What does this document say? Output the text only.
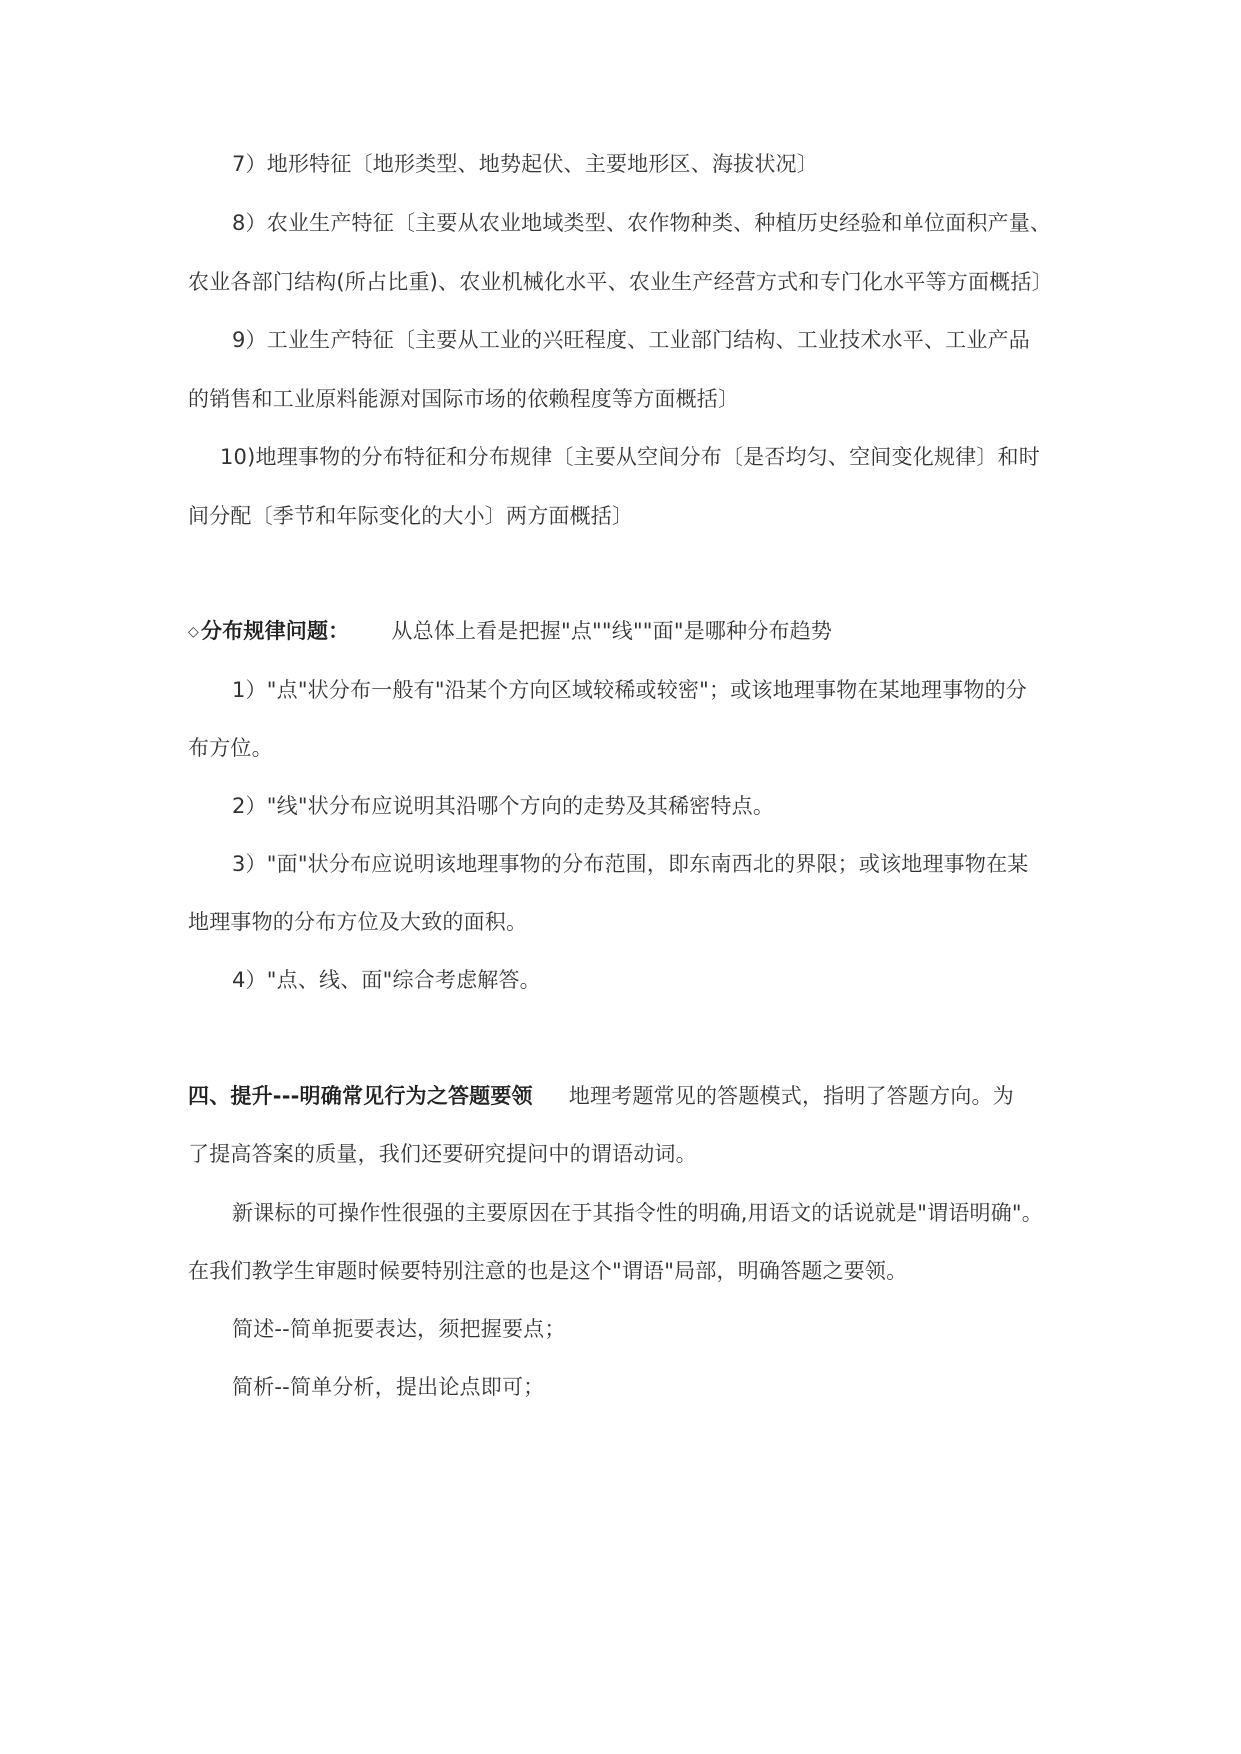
7）地形特征〔地形类型、地势起伏、主要地形区、海拔状况〕
8）农业生产特征〔主要从农业地域类型、农作物种类、种植历史经验和单位面积产量、
农业各部门结构(所占比重)、农业机械化水平、农业生产经营方式和专门化水平等方面概括〕
9）工业生产特征〔主要从工业的兴旺程度、工业部门结构、工业技术水平、工业产品
的销售和工业原料能源对国际市场的依赖程度等方面概括〕
10)地理事物的分布特征和分布规律〔主要从空间分布〔是否均匀、空间变化规律〕和时
间分配〔季节和年际变化的大小〕两方面概括〕
◇分布规律问题： 从总体上看是把握"点""线""面"是哪种分布趋势
1）"点"状分布一般有"沿某个方向区域较稀或较密"；或该地理事物在某地理事物的分
布方位。
2）"线"状分布应说明其沿哪个方向的走势及其稀密特点。
3）"面"状分布应说明该地理事物的分布范围，即东南西北的界限；或该地理事物在某
地理事物的分布方位及大致的面积。
4）"点、线、面"综合考虑解答。
四、提升---明确常见行为之答题要领 地理考题常见的答题模式，指明了答题方向。为
了提高答案的质量，我们还要研究提问中的谓语动词。
新课标的可操作性很强的主要原因在于其指令性的明确,用语文的话说就是"谓语明确"。
在我们教学生审题时候要特别注意的也是这个"谓语"局部，明确答题之要领。
简述--简单扼要表达，须把握要点；
简析--简单分析，提出论点即可；
